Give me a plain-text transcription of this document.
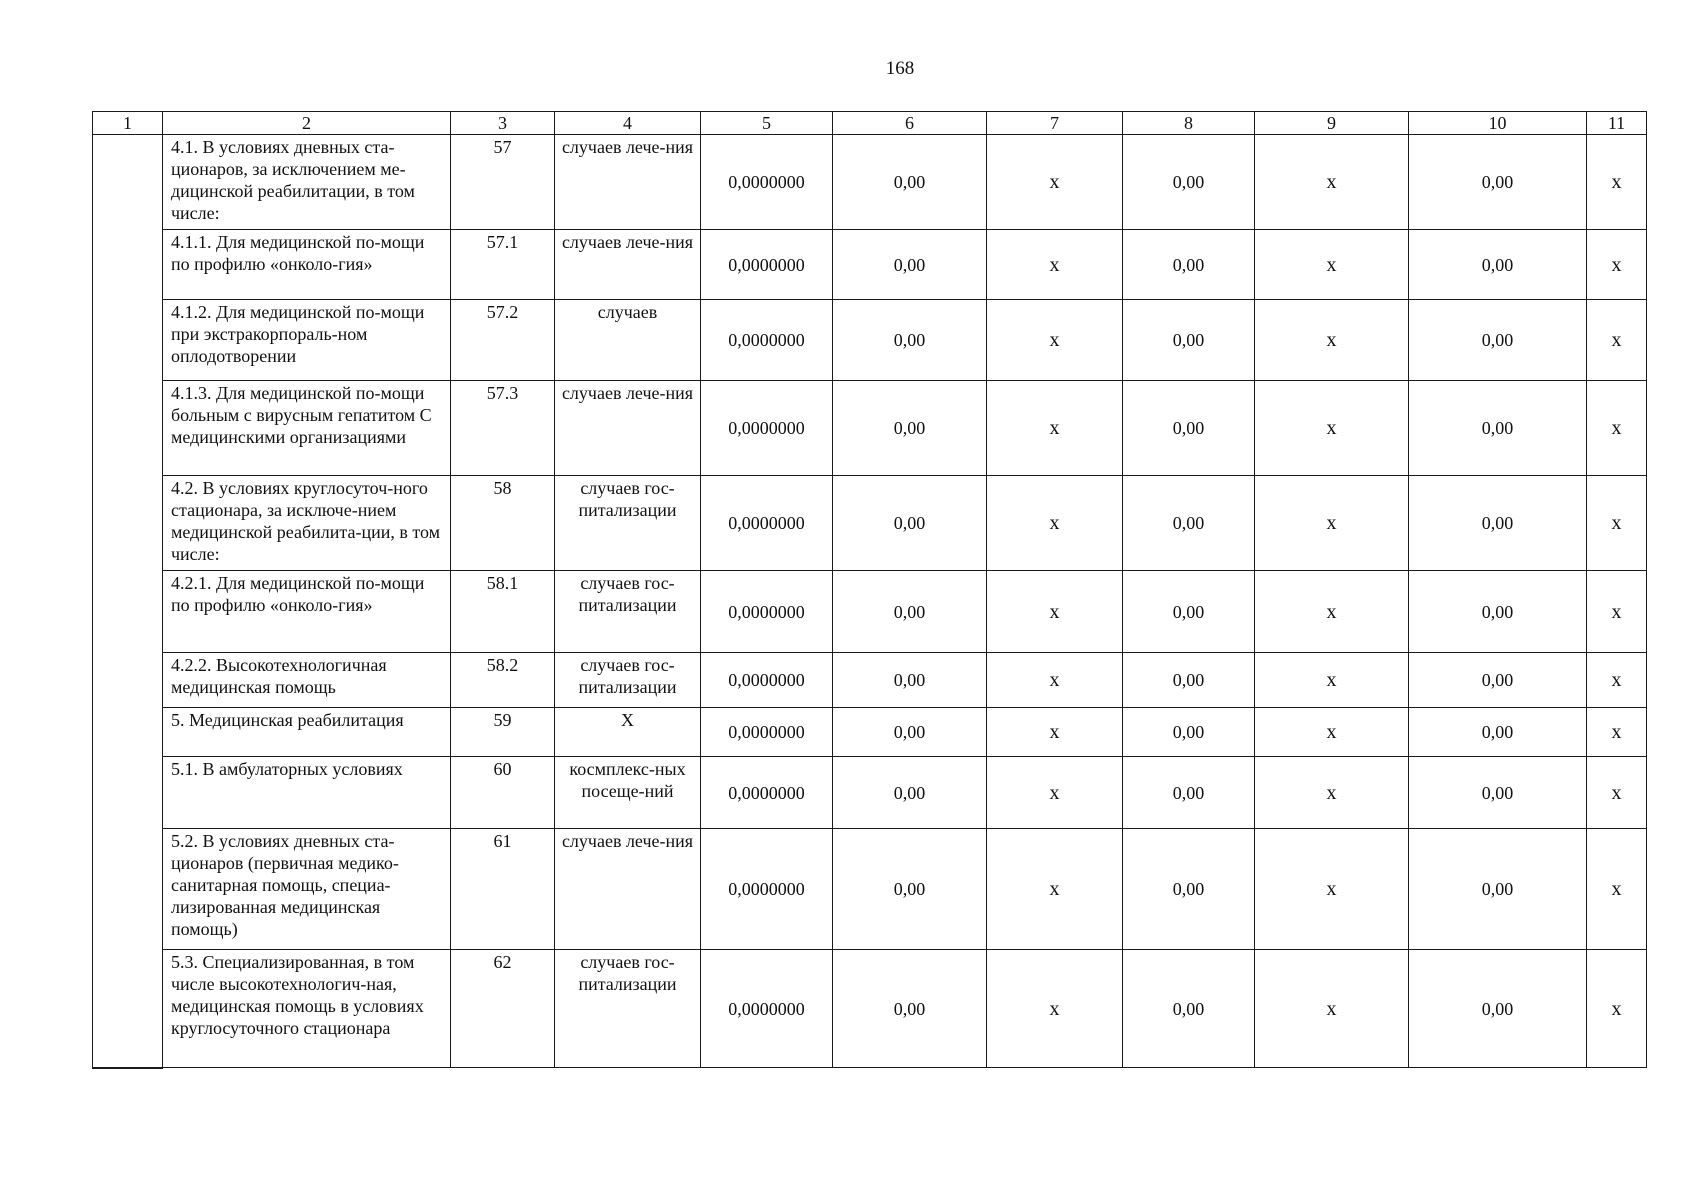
168
1	2	3	4	5	6	7	8	9	10	11
	4.1. В условиях дневных ста-ционаров, за исключением ме-дицинской реабилитации, в том числе:	57	случаев лече-ния	0,0000000	0,00	x	0,00	x	0,00	x
	4.1.1. Для медицинской по-мощи по профилю «онколо-гия»	57.1	случаев лече-ния	0,0000000	0,00	x	0,00	x	0,00	x
	4.1.2. Для медицинской по-мощи при экстракорпораль-ном оплодотворении	57.2	случаев	0,0000000	0,00	x	0,00	x	0,00	x
	4.1.3. Для медицинской по-мощи больным с вирусным гепатитом С медицинскими организациями	57.3	случаев лече-ния	0,0000000	0,00	x	0,00	x	0,00	x
	4.2. В условиях круглосуточ-ного стационара, за исключе-нием медицинской реабилита-ции, в том числе:	58	случаев гос-питализации	0,0000000	0,00	x	0,00	x	0,00	x
	4.2.1. Для медицинской по-мощи по профилю «онколо-гия»	58.1	случаев гос-питализации	0,0000000	0,00	x	0,00	x	0,00	x
	4.2.2. Высокотехнологичная медицинская помощь	58.2	случаев гос-питализации	0,0000000	0,00	x	0,00	x	0,00	x
	5. Медицинская реабилитация	59	Х	0,0000000	0,00	x	0,00	x	0,00	x
	5.1. В амбулаторных условиях	60	космплекс-ных посеще-ний	0,0000000	0,00	x	0,00	x	0,00	x
	5.2. В условиях дневных ста-ционаров (первичная медико-санитарная помощь, специа-лизированная медицинская помощь)	61	случаев лече-ния	0,0000000	0,00	x	0,00	x	0,00	x
	5.3. Специализированная, в том числе высокотехнологич-ная, медицинская помощь в условиях круглосуточного стационара	62	случаев гос-питализации	0,0000000	0,00	x	0,00	x	0,00	x
